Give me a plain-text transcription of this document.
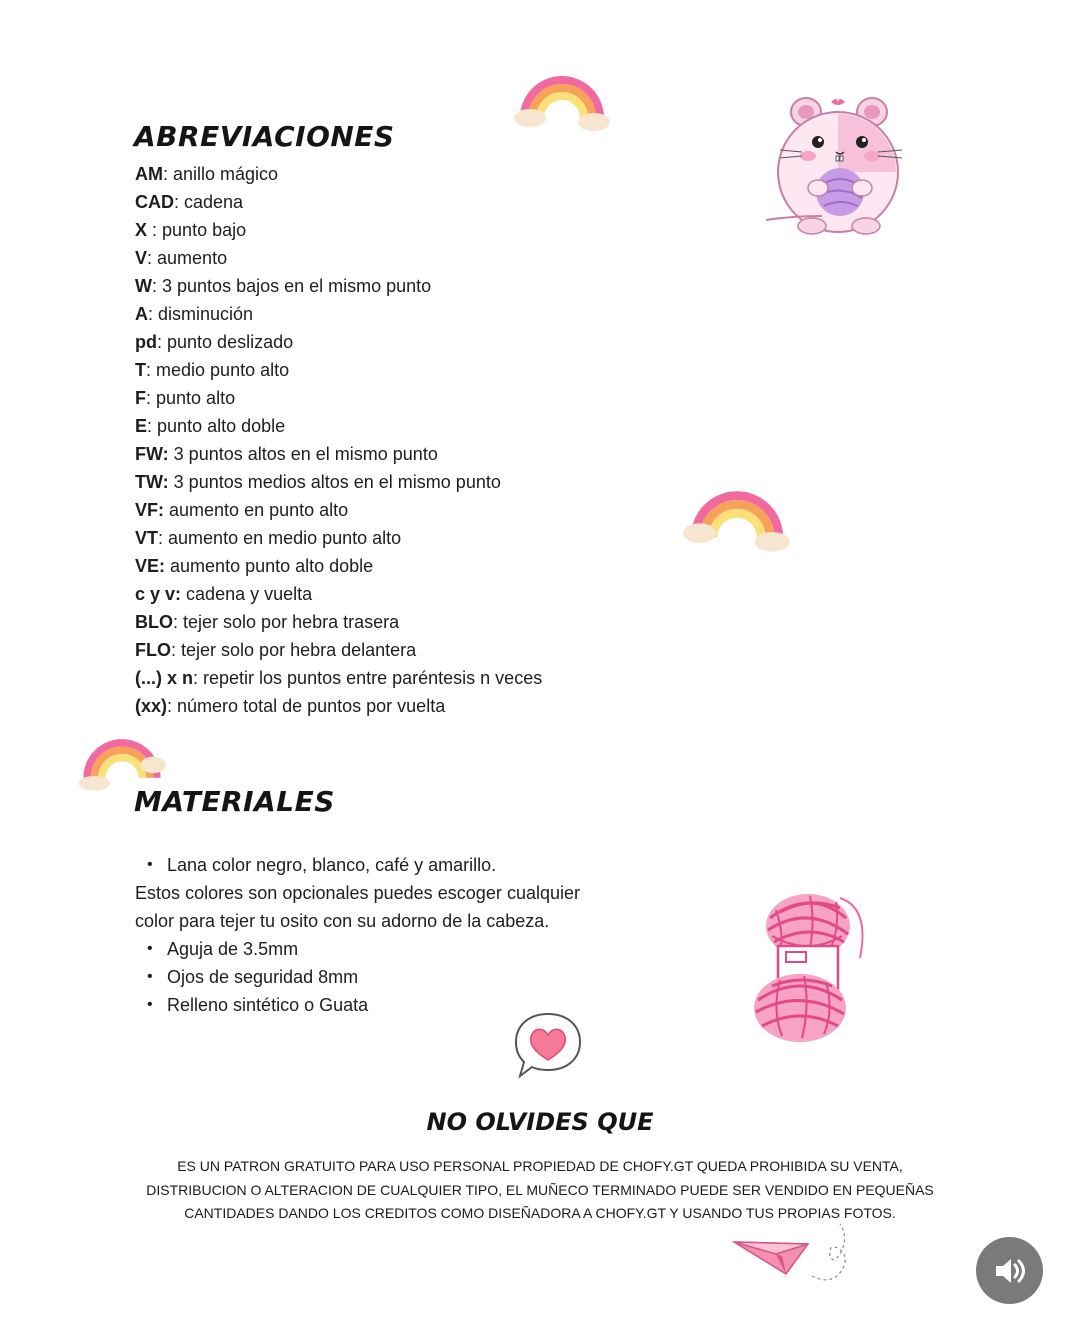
ABREVIACIONES
AM: anillo mágico
CAD: cadena
X : punto bajo
V: aumento
W: 3 puntos bajos en el mismo punto
A: disminución
pd: punto deslizado
T: medio punto alto
F: punto alto
E: punto alto doble
FW: 3 puntos altos en el mismo punto
TW: 3 puntos medios altos en el mismo punto
VF: aumento en punto alto
VT: aumento en medio punto alto
VE: aumento punto alto doble
c y v: cadena y vuelta
BLO: tejer solo por hebra trasera
FLO: tejer solo por hebra delantera
(...) x n: repetir los puntos entre paréntesis n veces
(xx): número total de puntos por vuelta
MATERIALES
• Lana color negro, blanco, café y amarillo.
Estos colores son opcionales puedes escoger cualquier color para tejer tu osito con su adorno de la cabeza.
• Aguja de 3.5mm
• Ojos de seguridad 8mm
• Relleno sintético o Guata
NO OLVIDES QUE
ES UN PATRON GRATUITO PARA USO PERSONAL PROPIEDAD DE CHOFY.GT QUEDA PROHIBIDA SU VENTA, DISTRIBUCION O ALTERACION DE CUALQUIER TIPO, EL MUÑECO TERMINADO PUEDE SER VENDIDO EN PEQUEÑAS CANTIDADES DANDO LOS CREDITOS COMO DISEÑADORA A CHOFY.GT Y USANDO TUS PROPIAS FOTOS.
